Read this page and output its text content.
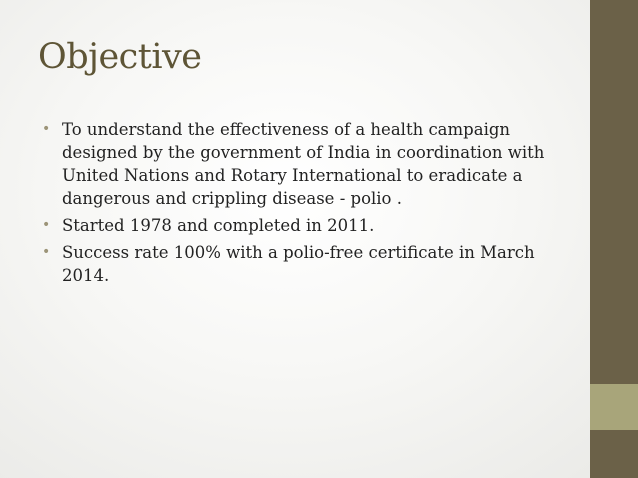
Objective
• To understand the effectiveness of a health campaign designed by the government of India in coordination with United Nations and Rotary International to eradicate a dangerous and crippling disease - polio .
• Started 1978 and completed in 2011.
• Success rate 100% with a polio-free certificate in March 2014.
